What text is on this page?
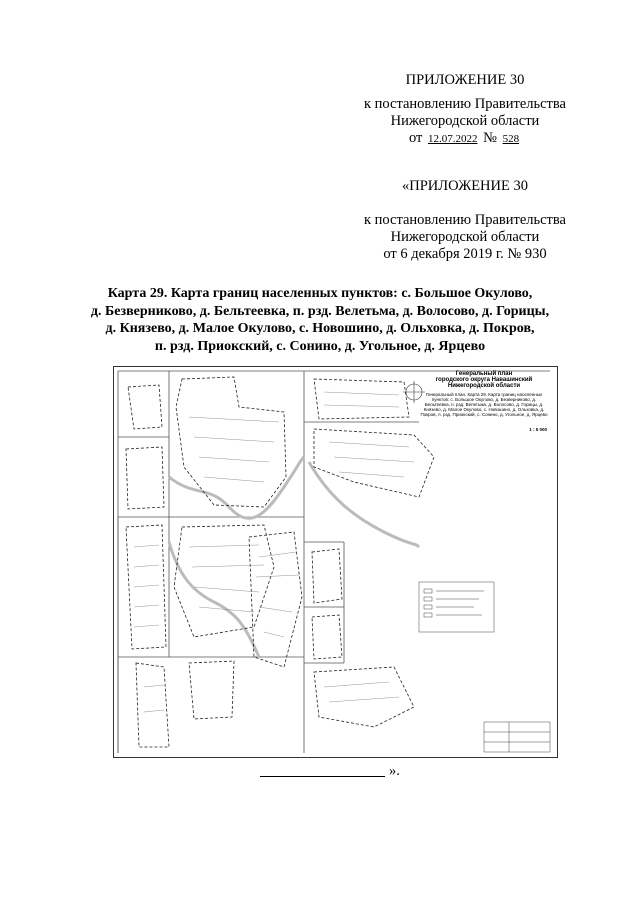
ПРИЛОЖЕНИЕ 30
к постановлению Правительства
Нижегородской области
от 12.07.2022 № 528
«ПРИЛОЖЕНИЕ 30
к постановлению Правительства
Нижегородской области
от 6 декабря 2019 г. № 930
Карта 29. Карта границ населенных пунктов: с. Большое Окулово,
д. Безверниково, д. Бельтеевка, п. рзд. Велетьма, д. Волосово, д. Горицы,
д. Князево, д. Малое Окулово, с. Новошино, д. Ольховка, д. Покров,
п. рзд. Приокский, с. Сонино, д. Угольное, д. Ярцево
Генеральный план
городского округа Навашинский
Нижегородской области
Генеральный план. Карта 29. Карта границ населенных пунктов: с. Большое Окулово, д. Безверниково, д. Бельтеевка, п. рзд. Велетьма, д. Волосово, д. Горицы, д. Князево, д. Малое Окулово, с. Новошино, д. Ольховка, д. Покров, п. рзд. Приокский, с. Сонино, д. Угольное, д. Ярцево
1 : 5 000
».
